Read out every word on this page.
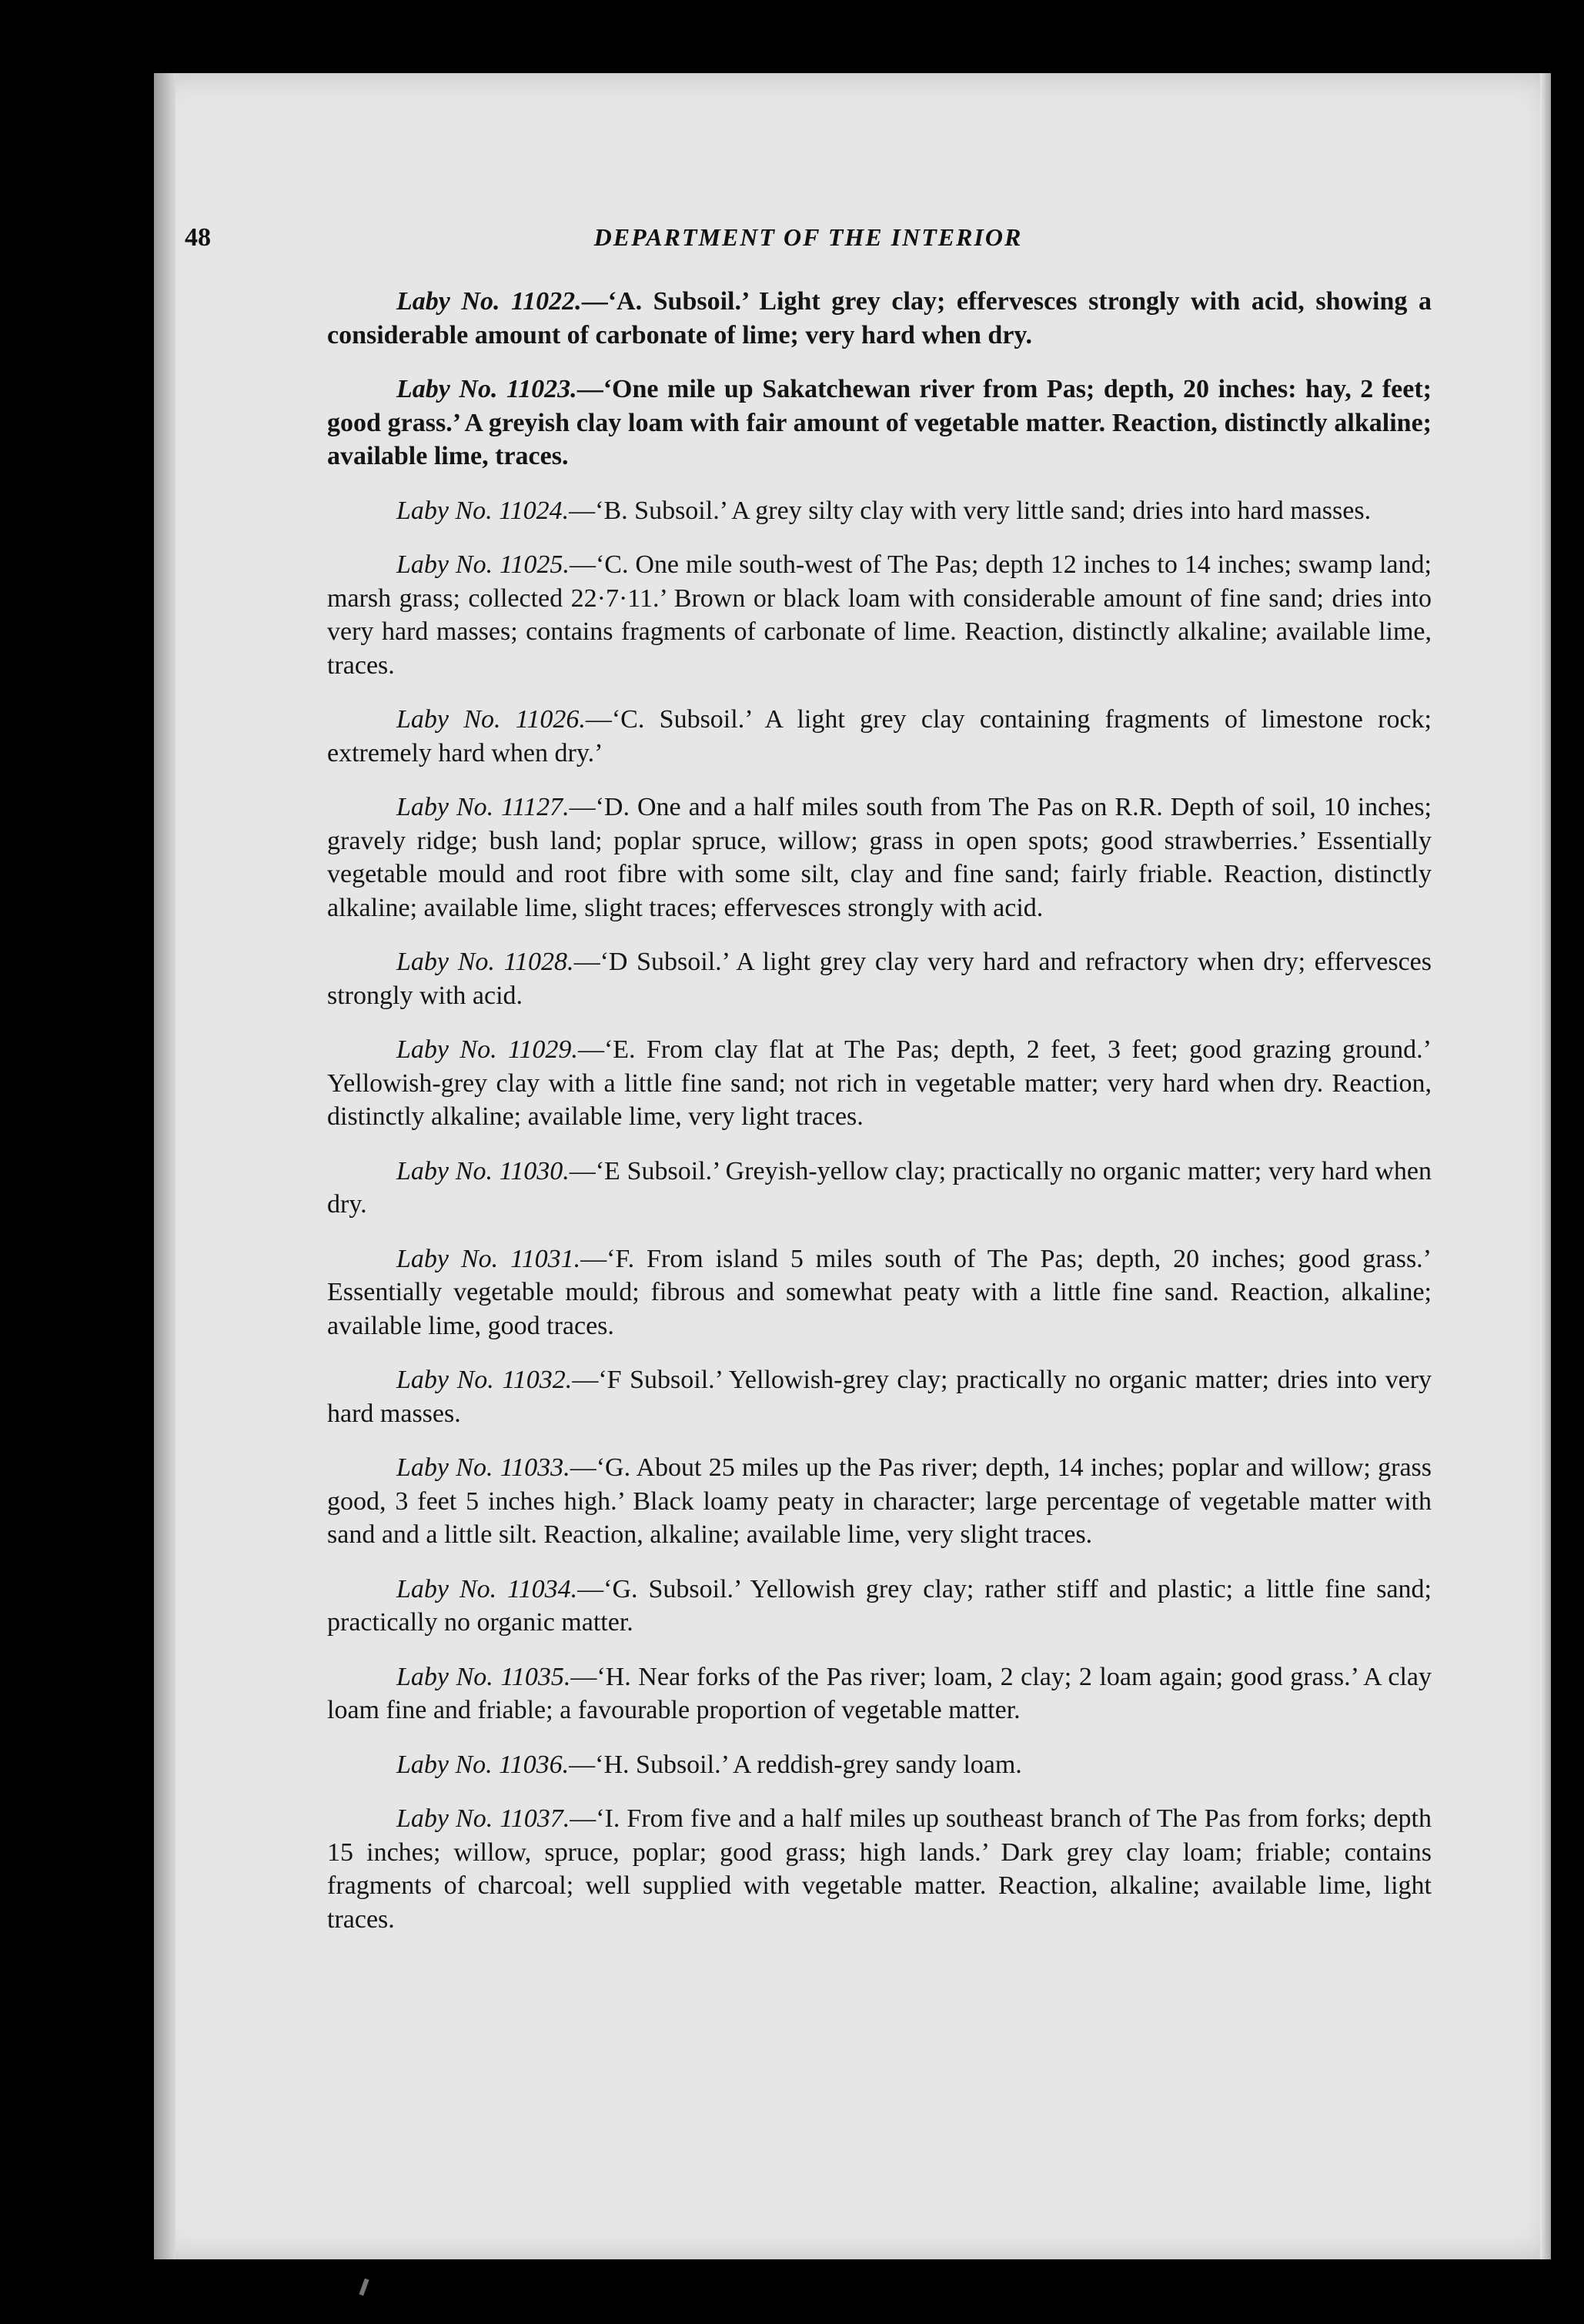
48	DEPARTMENT OF THE INTERIOR

Laby No. 11022.—‘A. Subsoil.’ Light grey clay; effervesces strongly with acid, showing a considerable amount of carbonate of lime; very hard when dry.

Laby No. 11023.—‘One mile up Sakatchewan river from Pas; depth, 20 inches: hay, 2 feet; good grass.’ A greyish clay loam with fair amount of vegetable matter. Reaction, distinctly alkaline; available lime, traces.

Laby No. 11024.—‘B. Subsoil.’ A grey silty clay with very little sand; dries into hard masses.

Laby No. 11025.—‘C. One mile south-west of The Pas; depth 12 inches to 14 inches; swamp land; marsh grass; collected 22·7·11.’ Brown or black loam with considerable amount of fine sand; dries into very hard masses; contains fragments of carbonate of lime. Reaction, distinctly alkaline; available lime, traces.

Laby No. 11026.—‘C. Subsoil.’ A light grey clay containing fragments of limestone rock; extremely hard when dry.’

Laby No. 11127.—‘D. One and a half miles south from The Pas on R.R. Depth of soil, 10 inches; gravely ridge; bush land; poplar spruce, willow; grass in open spots; good strawberries.’ Essentially vegetable mould and root fibre with some silt, clay and fine sand; fairly friable. Reaction, distinctly alkaline; available lime, slight traces; effervesces strongly with acid.

Laby No. 11028.—‘D Subsoil.’ A light grey clay very hard and refractory when dry; effervesces strongly with acid.

Laby No. 11029.—‘E. From clay flat at The Pas; depth, 2 feet, 3 feet; good grazing ground.’ Yellowish-grey clay with a little fine sand; not rich in vegetable matter; very hard when dry. Reaction, distinctly alkaline; available lime, very light traces.

Laby No. 11030.—‘E Subsoil.’ Greyish-yellow clay; practically no organic matter; very hard when dry.

Laby No. 11031.—‘F. From island 5 miles south of The Pas; depth, 20 inches; good grass.’ Essentially vegetable mould; fibrous and somewhat peaty with a little fine sand. Reaction, alkaline; available lime, good traces.

Laby No. 11032.—‘F Subsoil.’ Yellowish-grey clay; practically no organic matter; dries into very hard masses.

Laby No. 11033.—‘G. About 25 miles up the Pas river; depth, 14 inches; poplar and willow; grass good, 3 feet 5 inches high.’ Black loamy peaty in character; large percentage of vegetable matter with sand and a little silt. Reaction, alkaline; available lime, very slight traces.

Laby No. 11034.—‘G. Subsoil.’ Yellowish grey clay; rather stiff and plastic; a little fine sand; practically no organic matter.

Laby No. 11035.—‘H. Near forks of the Pas river; loam, 2 clay; 2 loam again; good grass.’ A clay loam fine and friable; a favourable proportion of vegetable matter.

Laby No. 11036.—‘H. Subsoil.’ A reddish-grey sandy loam.

Laby No. 11037.—‘I. From five and a half miles up southeast branch of The Pas from forks; depth 15 inches; willow, spruce, poplar; good grass; high lands.’ Dark grey clay loam; friable; contains fragments of charcoal; well supplied with vegetable matter. Reaction, alkaline; available lime, light traces.
